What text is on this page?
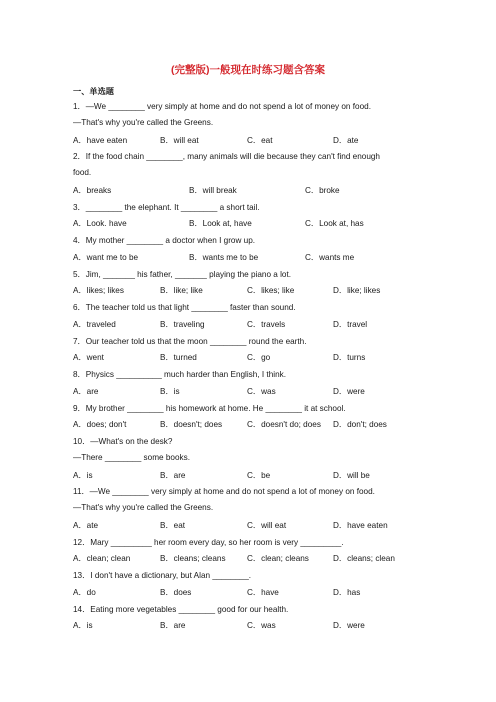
(完整版)一般现在时练习题含答案
一、单选题
1．—We ________ very simply at home and do not spend a lot of money on food.
—That's why you're called the Greens.
A．have eaten	B．will eat	C．eat	D．ate
2．If the food chain ________, many animals will die because they can't find enough
food.
A．breaks	B．will break	C．broke
3．________ the elephant. It ________ a short tail.
A．Look. have	B．Look at, have	C．Look at, has
4．My mother ________ a doctor when I grow up.
A．want me to be	B．wants me to be	C．wants me
5．Jim, _______ his father, _______ playing the piano a lot.
A．likes; likes	B．like; like	C．likes; like	D．like; likes
6．The teacher told us that light ________ faster than sound.
A．traveled	B．traveling	C．travels	D．travel
7．Our teacher told us that the moon ________ round the earth.
A．went	B．turned	C．go	D．turns
8．Physics __________ much harder than English, I think.
A．are	B．is	C．was	D．were
9．My brother ________ his homework at home. He ________ it at school.
A．does; don't	B．doesn't; does	C．doesn't do; does D．don't; does
10．—What's on the desk?
—There ________ some books.
A．is	B．are	C．be	D．will be
11．—We ________ very simply at home and do not spend a lot of money on food.
—That's why you're called the Greens.
A．ate	B．eat	C．will eat	D．have eaten
12．Mary _________ her room every day, so her room is very _________.
A．clean; clean	B．cleans; cleans	C．clean; cleans	D．cleans; clean
13．I don't have a dictionary, but Alan ________.
A．do	B．does	C．have	D．has
14．Eating more vegetables ________ good for our health.
A．is	B．are	C．was	D．were
